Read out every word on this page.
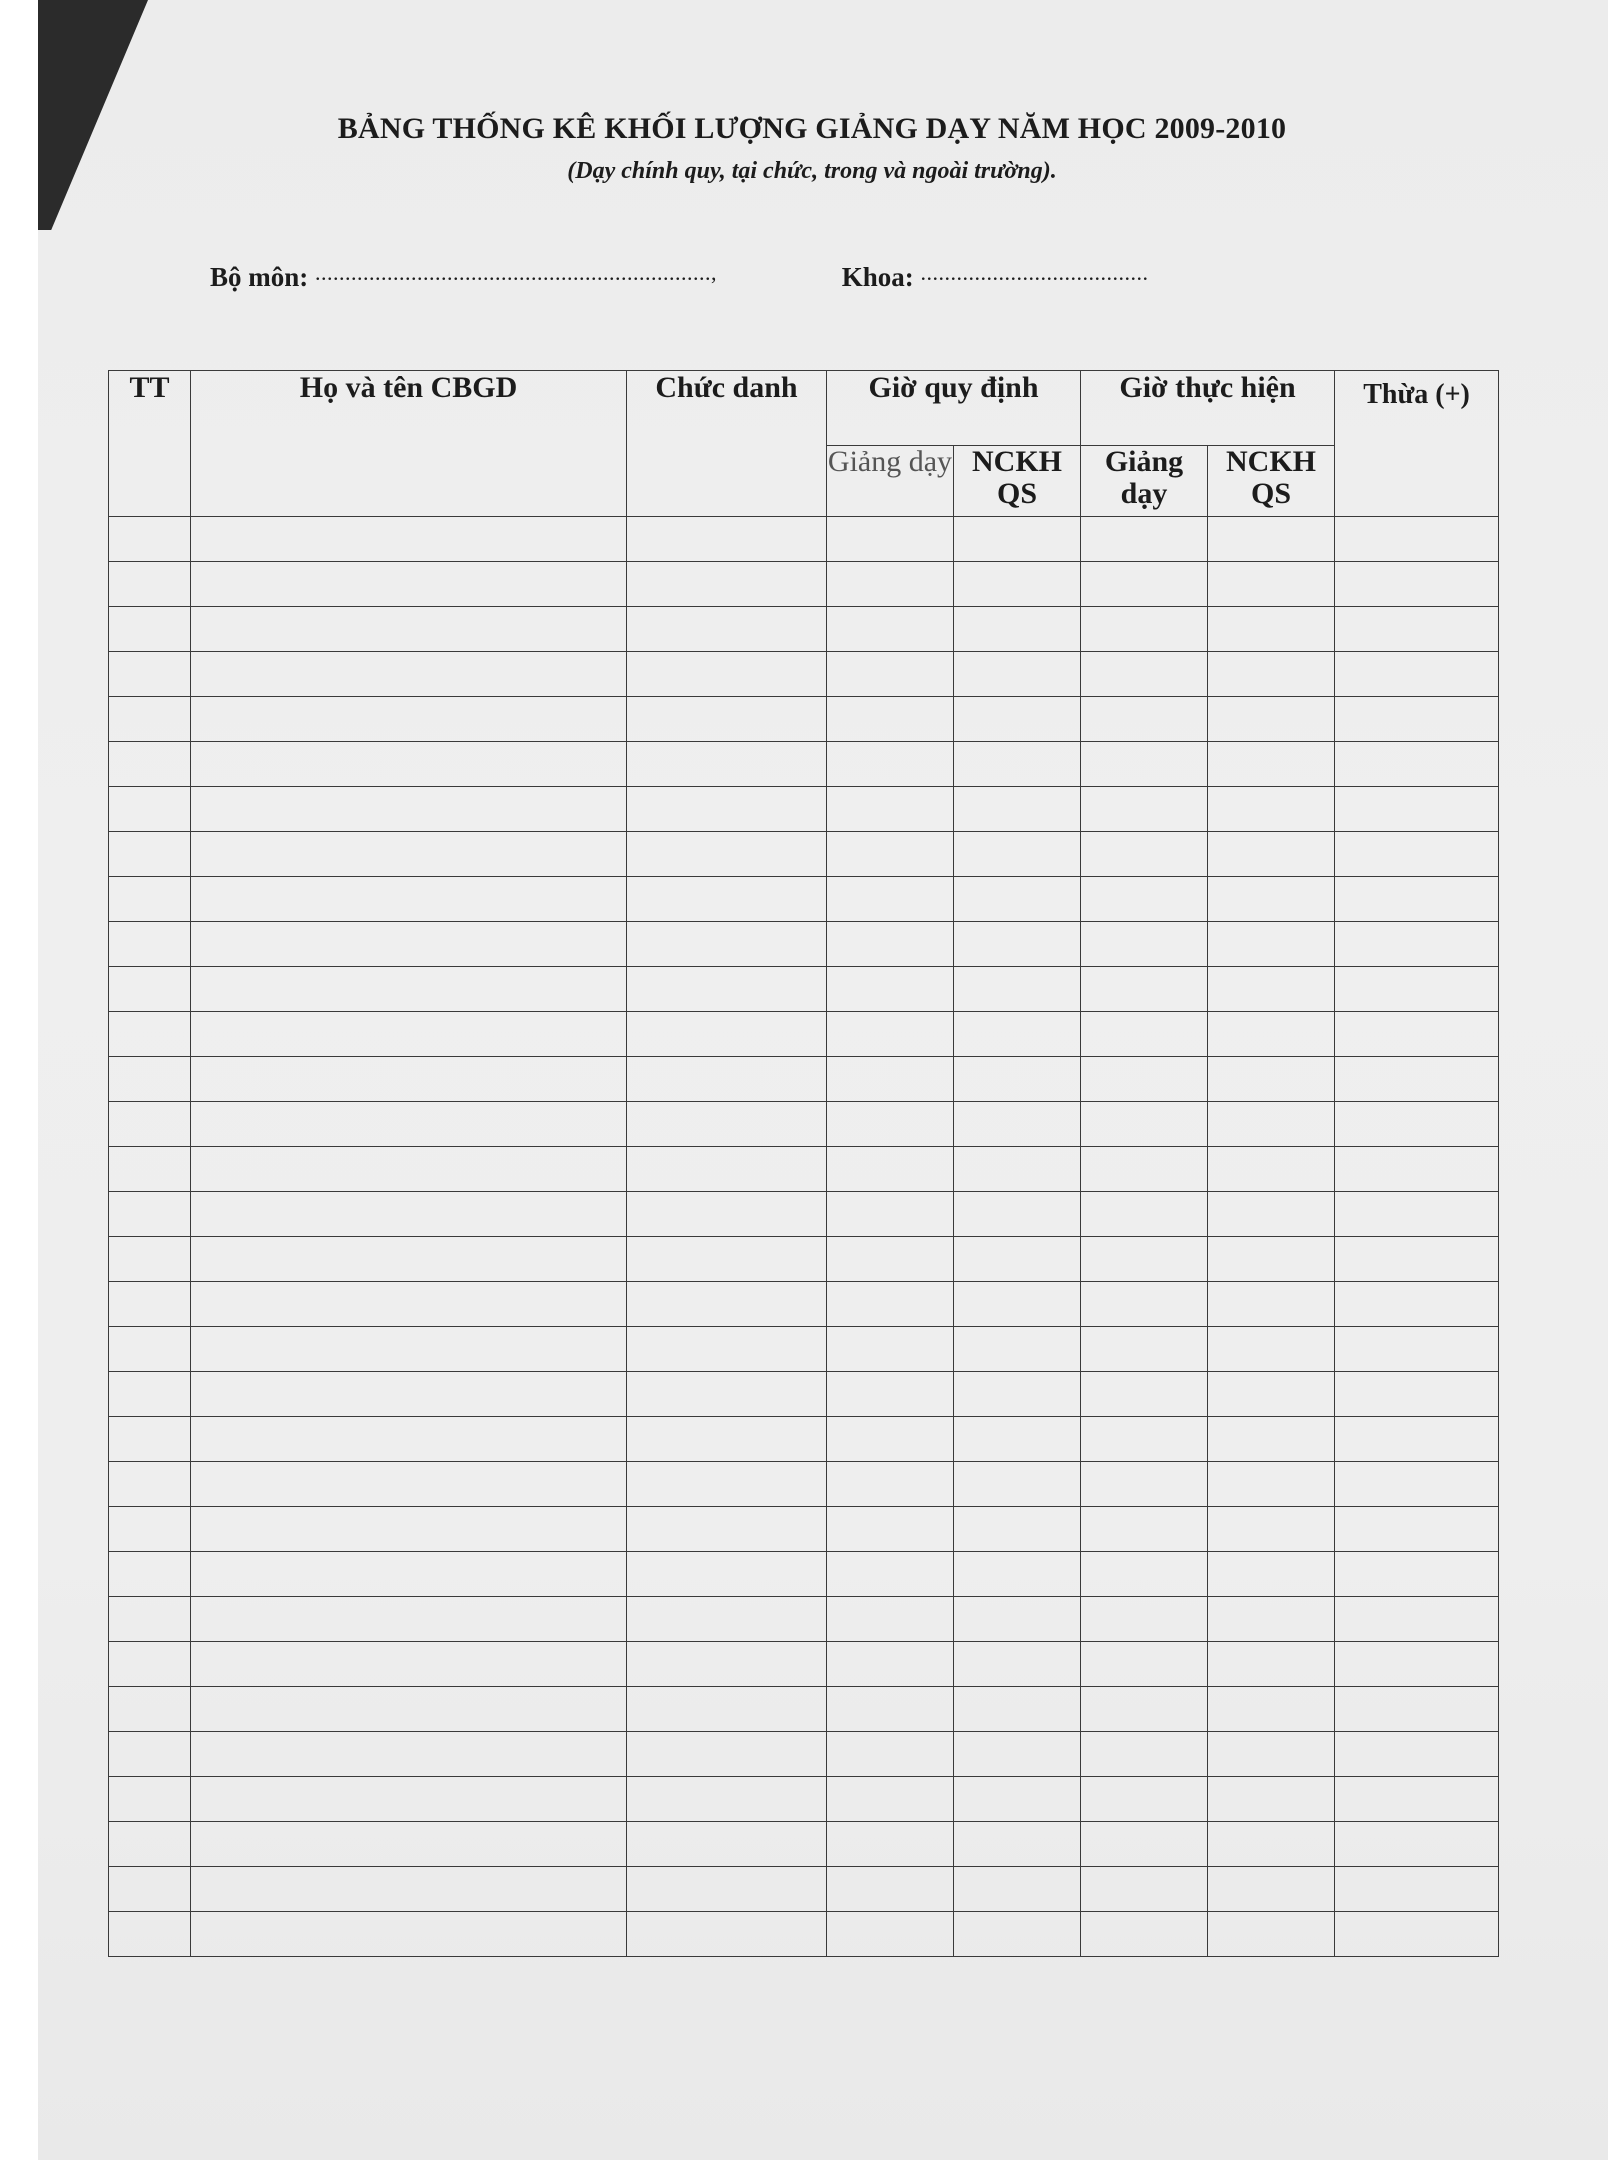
BẢNG THỐNG KÊ KHỐI LƯỢNG GIẢNG DẠY NĂM HỌC 2009-2010
(Dạy chính quy, tại chức, trong và ngoài trường).
Bộ môn: ..................................................................,	Khoa: ......................................
TT	Họ và tên CBGD	Chức danh	Giờ quy định		Giờ thực hiện		Thừa (+)
			Giảng dạy	NCKH QS	Giảng dạy	NCKH QS	
